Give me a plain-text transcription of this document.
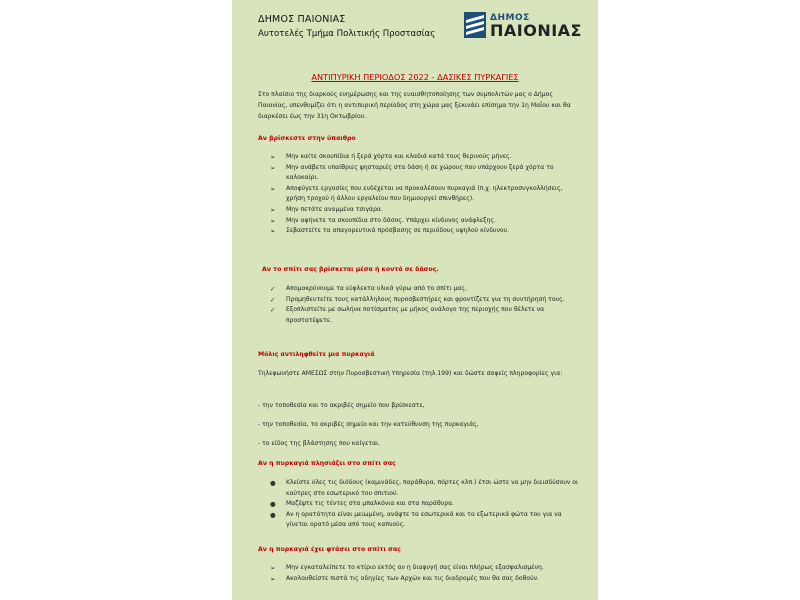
ΔΗΜΟΣ ΠΑΙΟΝΙΑΣ
Αυτοτελές Τμήμα Πολιτικής Προστασίας
ΔΗΜΟΣ
ΠΑΙΟΝΙΑΣ
ΑΝΤΙΠΥΡΙΚΗ ΠΕΡΙΟΔΟΣ 2022 - ΔΑΣΙΚΕΣ ΠΥΡΚΑΓΙΕΣ
Στο πλαίσιο της διαρκούς ενημέρωσης και της ευαισθητοποίησης των συμπολιτών μας ο Δήμος Παιονίας, υπενθυμίζει ότι η αντιπυρική περίοδος στη χώρα μας ξεκινάει επίσημα την 1η Μαΐου και θα διαρκέσει έως την 31η Οκτωβρίου.
Αν βρίσκεστε στην ύπαιθρο
➢ Μην καίτε σκουπίδια ή ξερά χόρτα και κλαδιά κατά τους θερινούς μήνες.
➢ Μην ανάβετε υπαίθριες ψησταριές στα δάση ή σε χώρους που υπάρχουν ξερά χόρτα το καλοκαίρι.
➢ Αποφύγετε εργασίες που ενδέχεται να προκαλέσουν πυρκαγιά (π.χ. ηλεκτροσυγκολλήσεις, χρήση τροχού ή άλλου εργαλείου που δημιουργεί σπινθήρες).
➢ Μην πετάτε αναμμένα τσιγάρα.
➢ Μην αφήνετε τα σκουπίδια στο δάσος. Υπάρχει κίνδυνος ανάφλεξης.
➢ Σεβαστείτε τα απαγορευτικά πρόσβασης σε περιόδους υψηλού κίνδυνου.
Αν το σπίτι σας βρίσκεται μέσα ή κοντά σε δάσος.
✓ Απομακρύνουμε τα εύφλεκτα υλικά γύρω από το σπίτι μας.
✓ Προμηθευτείτε τους κατάλληλους πυροσβεστήρες και φροντίζετε για τη συντήρησή τους.
✓ Εξοπλιστείτε με σωλήνα ποτίσματος με μήκος ανάλογο της περιοχής που θέλετε να προστατέψετε.
Μόλις αντιληφθείτε μια πυρκαγιά
Τηλεφωνήστε ΑΜΕΣΩΣ στην Πυροσβεστική Υπηρεσία (τηλ.199) και δώστε σαφείς πληροφορίες για:
- την τοποθεσία και το ακριβές σημείο που βρίσκεστε,
- την τοποθεσία, το ακριβές σημείο και την κατεύθυνση της πυρκαγιάς,
- το είδος της βλάστησης που καίγεται.
Αν η πυρκαγιά πλησιάζει στο σπίτι σας
● Κλείστε όλες τις διόδους (καμινάδες, παράθυρα, πόρτες κλπ.) έτσι ώστε να μην διεισδύσουν οι καύτρες στο εσωτερικό του σπιτιού.
● Μαζέψτε τις τέντες στα μπαλκόνια και στα παράθυρα.
● Αν η ορατότητα είναι μειωμένη, ανάψτε τα εσωτερικά και τα εξωτερικά φώτα του για να γίνεται ορατό μέσα από τους καπνούς.
Αν η πυρκαγιά έχει φτάσει στο σπίτι σας
➢ Μην εγκαταλείπετε το κτίριο εκτός αν η διαφυγή σας είναι πλήρως εξασφαλισμένη.
➢ Ακολουθείστε πιστά τις οδηγίες των Αρχών και τις διαδρομές που θα σας δοθούν.
